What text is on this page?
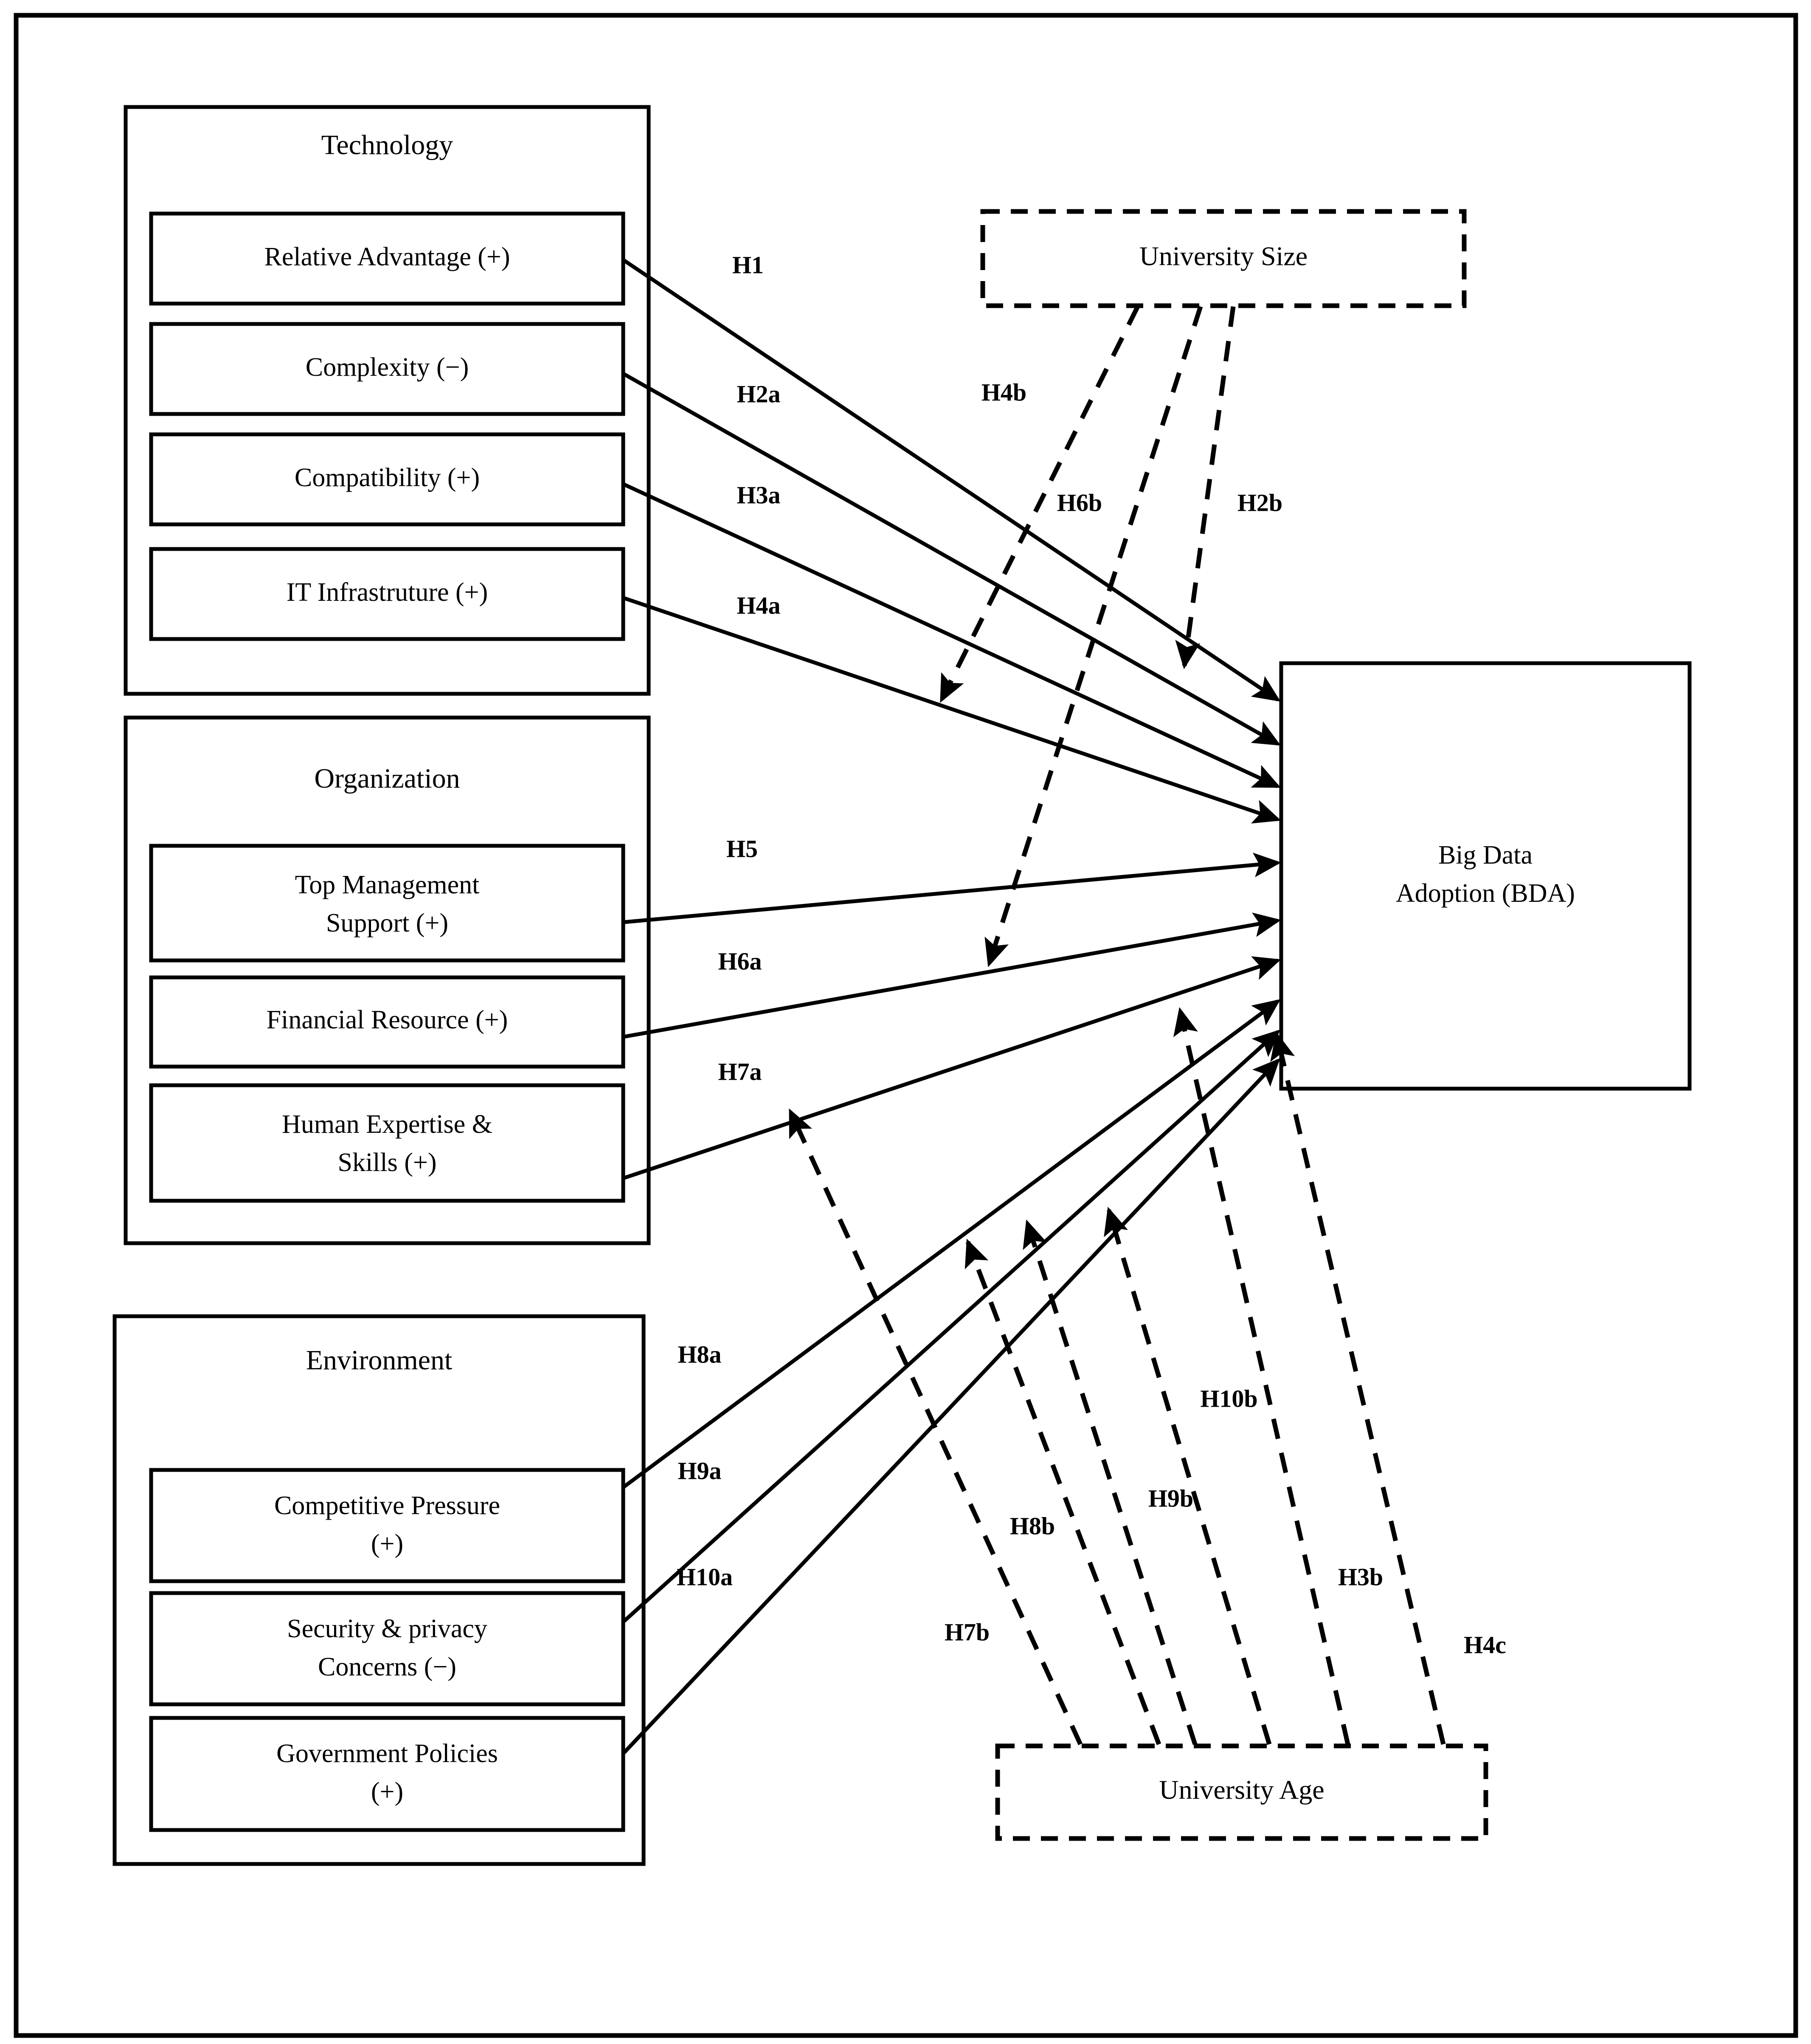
Technology
Relative Advantage (+)
Complexity (−)
Compatibility (+)
IT Infrastruture (+)
Organization
Top Management
Support (+)
Financial Resource (+)
Human Expertise &
Skills (+)
Environment
Competitive Pressure
(+)
Security & privacy
Concerns (−)
Government Policies
(+)
Big Data
Adoption (BDA)
University Size
University Age
H1
H2a
H3a
H4a
H5
H6a
H7a
H8a
H9a
H10a
H4b
H6b	H2b
H7b
H8b
H9b
H10b
H3b
H4c
